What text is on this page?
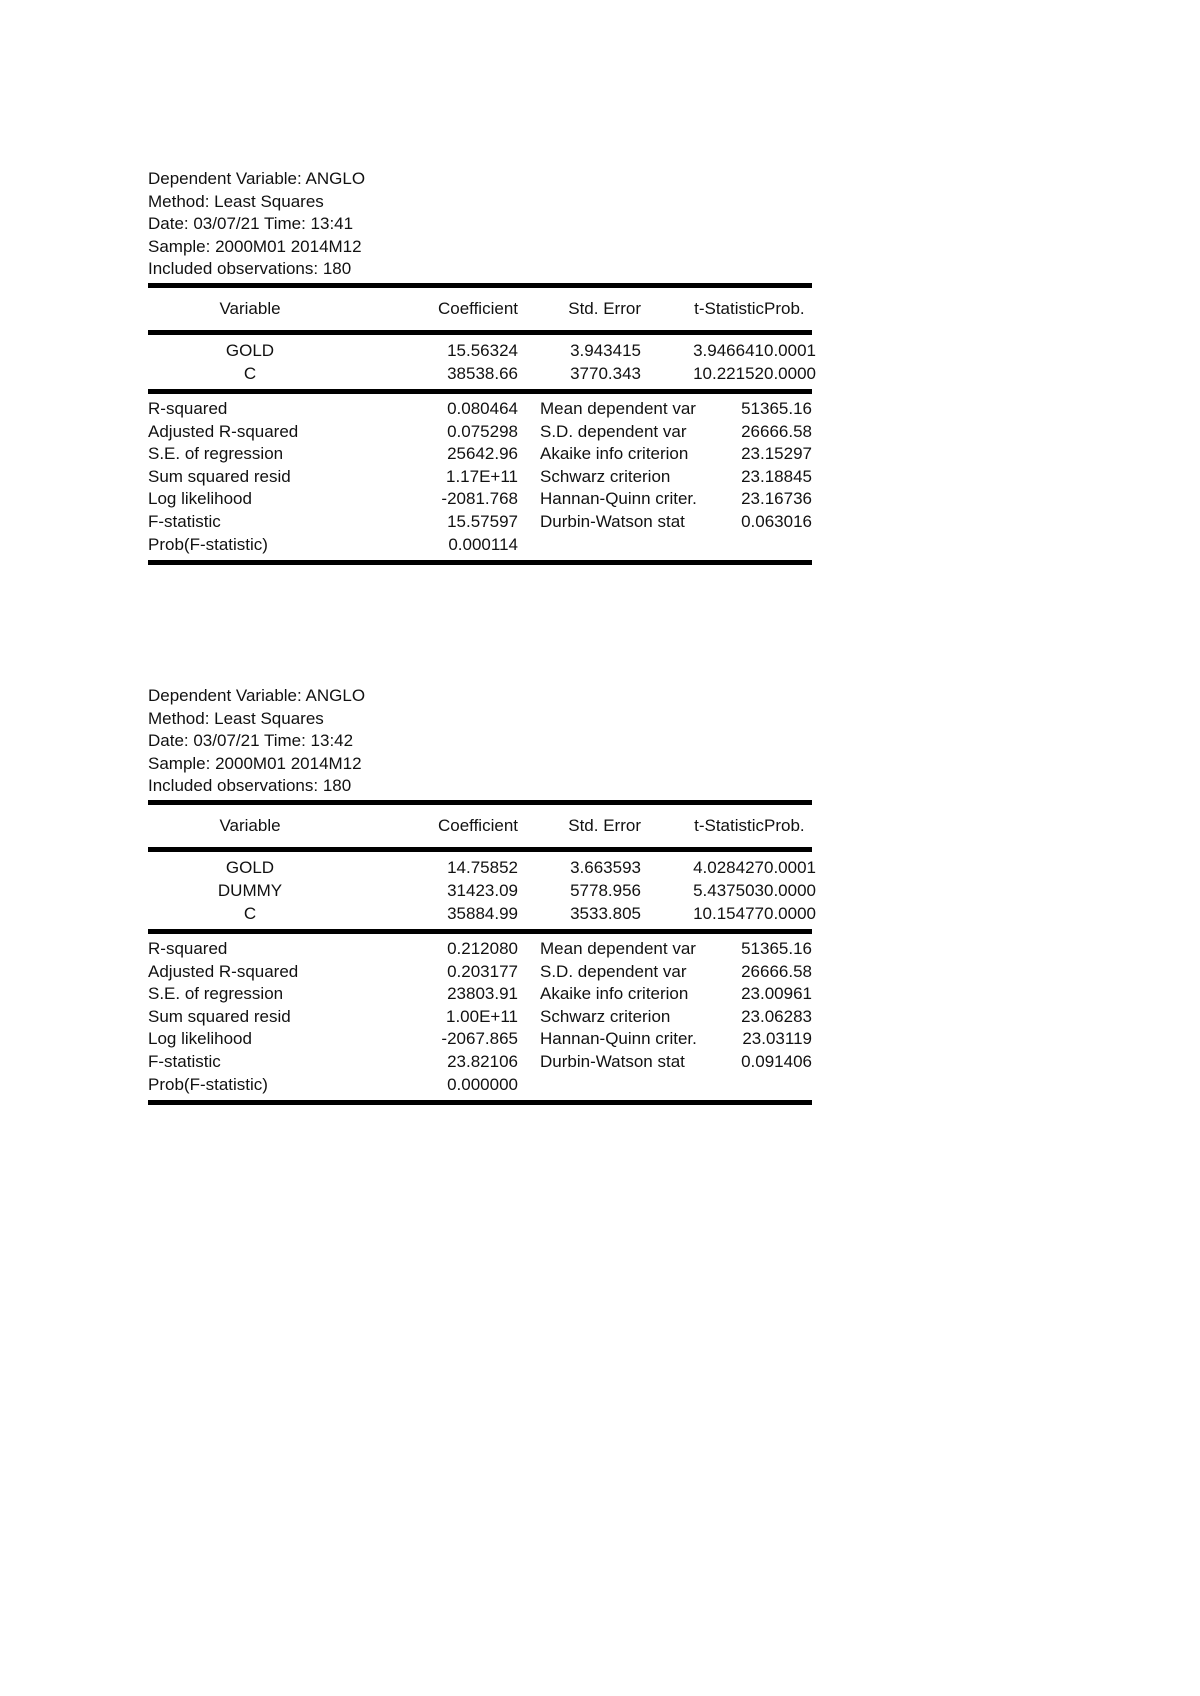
Dependent Variable: ANGLO
Method: Least Squares
Date: 03/07/21 Time: 13:41
Sample: 2000M01 2014M12
Included observations: 180
Variable	Coefficient	Std. Error	t-Statistic Prob.
GOLD	15.56324	3.943415	3.946641 0.0001
C	38538.66	3770.343	10.22152 0.0000
R-squared	0.080464	Mean dependent var	51365.16
Adjusted R-squared	0.075298	S.D. dependent var	26666.58
S.E. of regression	25642.96	Akaike info criterion	23.15297
Sum squared resid	1.17E+11	Schwarz criterion	23.18845
Log likelihood	-2081.768	Hannan-Quinn criter.	23.16736
F-statistic	15.57597	Durbin-Watson stat	0.063016
Prob(F-statistic)	0.000114
Dependent Variable: ANGLO
Method: Least Squares
Date: 03/07/21 Time: 13:42
Sample: 2000M01 2014M12
Included observations: 180
Variable	Coefficient	Std. Error	t-Statistic Prob.
GOLD	14.75852	3.663593	4.028427 0.0001
DUMMY	31423.09	5778.956	5.437503 0.0000
C	35884.99	3533.805	10.15477 0.0000
R-squared	0.212080	Mean dependent var	51365.16
Adjusted R-squared	0.203177	S.D. dependent var	26666.58
S.E. of regression	23803.91	Akaike info criterion	23.00961
Sum squared resid	1.00E+11	Schwarz criterion	23.06283
Log likelihood	-2067.865	Hannan-Quinn criter.	23.03119
F-statistic	23.82106	Durbin-Watson stat	0.091406
Prob(F-statistic)	0.000000
